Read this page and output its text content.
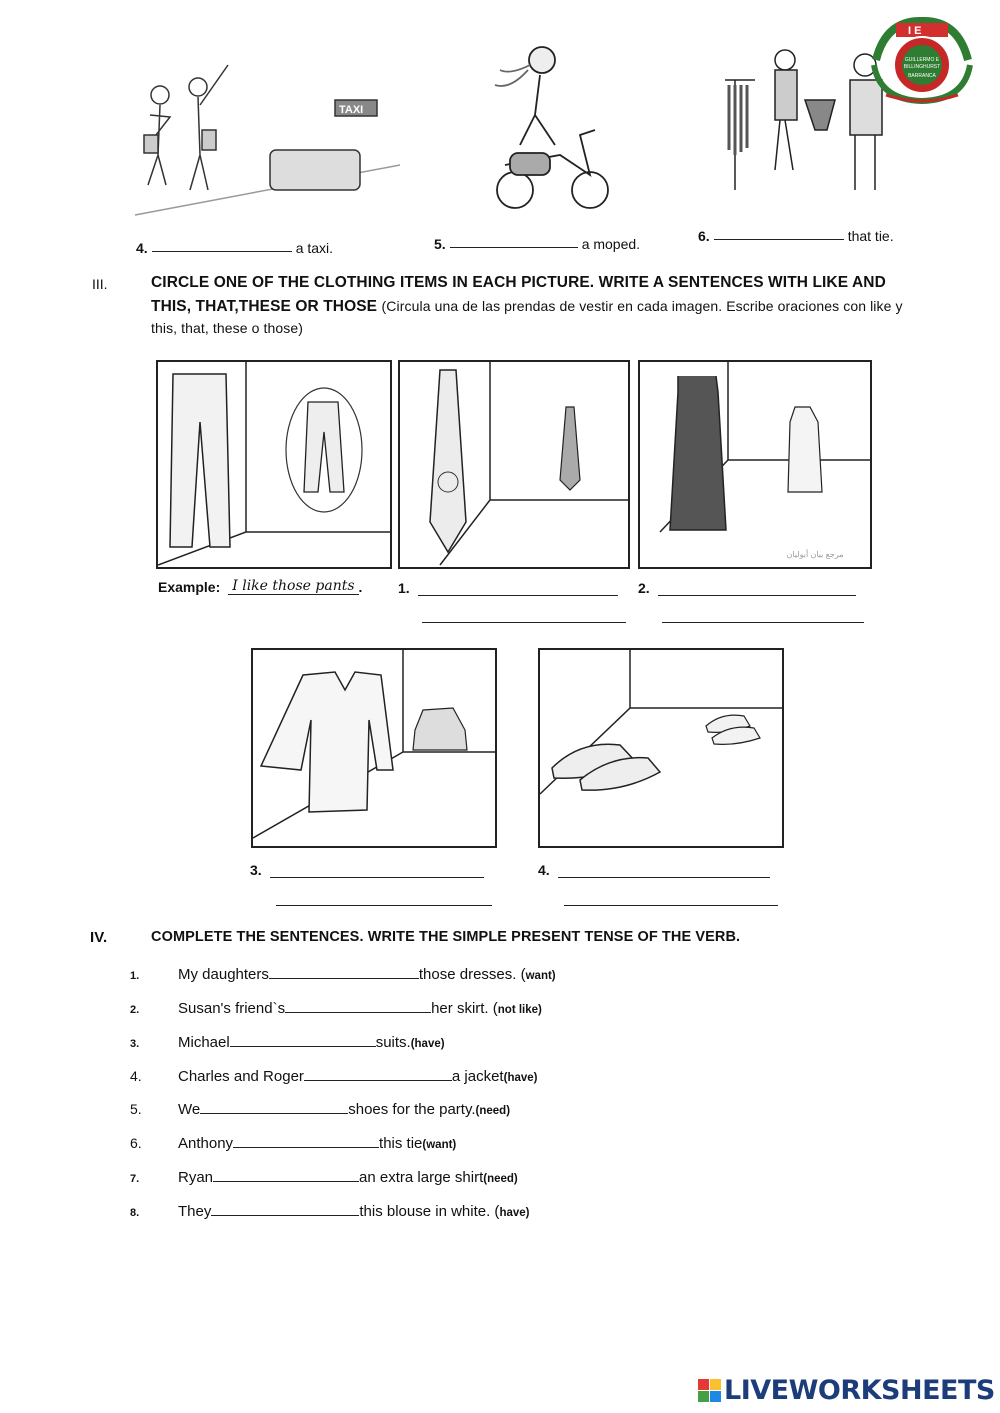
TAXI
I E
GUILLERMO E
BILLINGHURST
BARRANCA
4.	a taxi.	5.	a moped.	6.	that tie.
III.	CIRCLE ONE OF THE CLOTHING ITEMS IN EACH PICTURE. WRITE A SENTENCES WITH LIKE AND
THIS, THAT,THESE OR THOSE (Circula una de las prendas de vestir en cada imagen. Escribe oraciones con like y
this, that, these o those)
مرجع بيان أبوليان
Example: I like those pants .	1.	2.
3.	4.
IV.	COMPLETE THE SENTENCES. WRITE THE SIMPLE PRESENT TENSE OF THE VERB.
1.	My daughters	those dresses. ( want)
2.	Susan's friend`s	her skirt. ( not like)
3.	Michael	suits. (have)
4.	Charles and Roger	a jacket (have)
5.	We	shoes for the party. (need)
6.	Anthony	this tie (want)
7.	Ryan	an extra large shirt (need)
8.	They	this blouse in white. ( have)
LIVEWORKSHEETS
